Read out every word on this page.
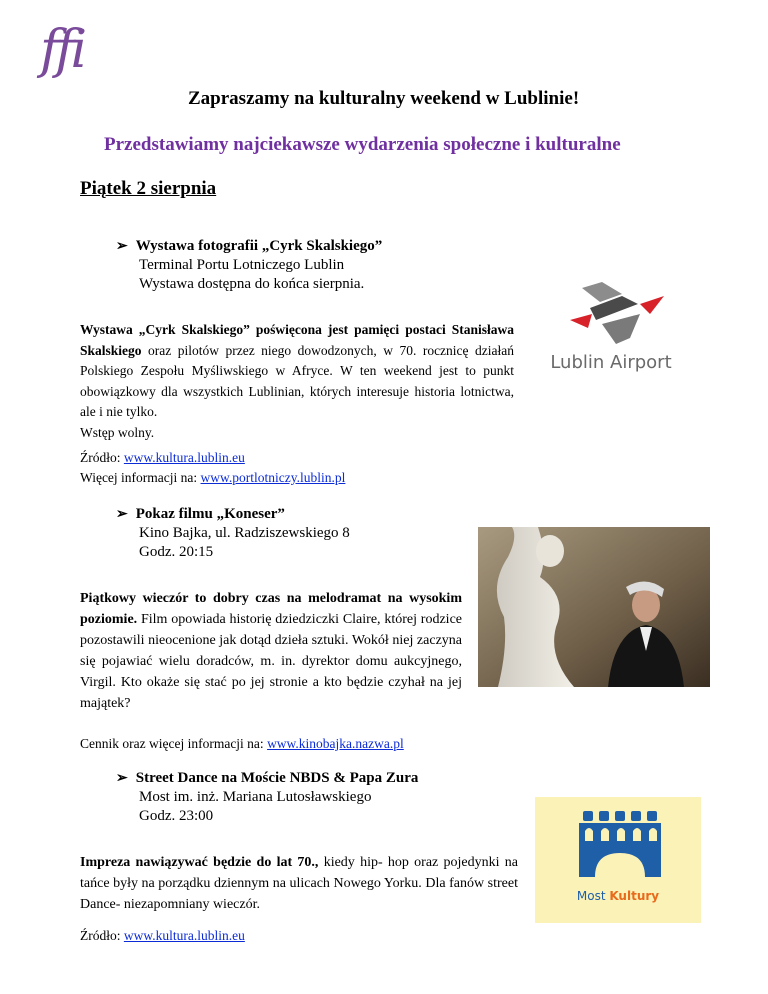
ffi
Zapraszamy na kulturalny weekend w Lublinie!
Przedstawiamy najciekawsze wydarzenia społeczne i kulturalne
Piątek 2 sierpnia
➢ Wystawa fotografii „Cyrk Skalskiego”
Terminal Portu Lotniczego Lublin
Wystawa dostępna do końca sierpnia.
Wystawa „Cyrk Skalskiego” poświęcona jest pamięci postaci Stanisława Skalskiego oraz pilotów przez niego dowodzonych, w 70. rocznicę działań Polskiego Zespołu Myśliwskiego w Afryce. W ten weekend jest to punkt obowiązkowy dla wszystkich Lublinian, których interesuje historia lotnictwa, ale i nie tylko.
Wstęp wolny.
Źródło: www.kultura.lublin.eu
Więcej informacji na: www.portlotniczy.lublin.pl
Lublin Airport
➢ Pokaz filmu „Koneser”
Kino Bajka, ul. Radziszewskiego 8
Godz. 20:15
Piątkowy wieczór to dobry czas na melodramat na wysokim poziomie. Film opowiada historię dziedziczki Claire, której rodzice pozostawili nieocenione jak dotąd dzieła sztuki. Wokół niej zaczyna się pojawiać wielu doradców, m. in. dyrektor domu aukcyjnego, Virgil. Kto okaże się stać po jej stronie a kto będzie czyhał na jej majątek?
Cennik oraz więcej informacji na: www.kinobajka.nazwa.pl
➢ Street Dance na Moście NBDS & Papa Zura
Most im. inż. Mariana Lutosławskiego
Godz. 23:00
Impreza nawiązywać będzie do lat 70., kiedy hip- hop oraz pojedynki na tańce były na porządku dziennym na ulicach Nowego Yorku. Dla fanów street Dance- niezapomniany wieczór.
Źródło: www.kultura.lublin.eu
Most Kultury
